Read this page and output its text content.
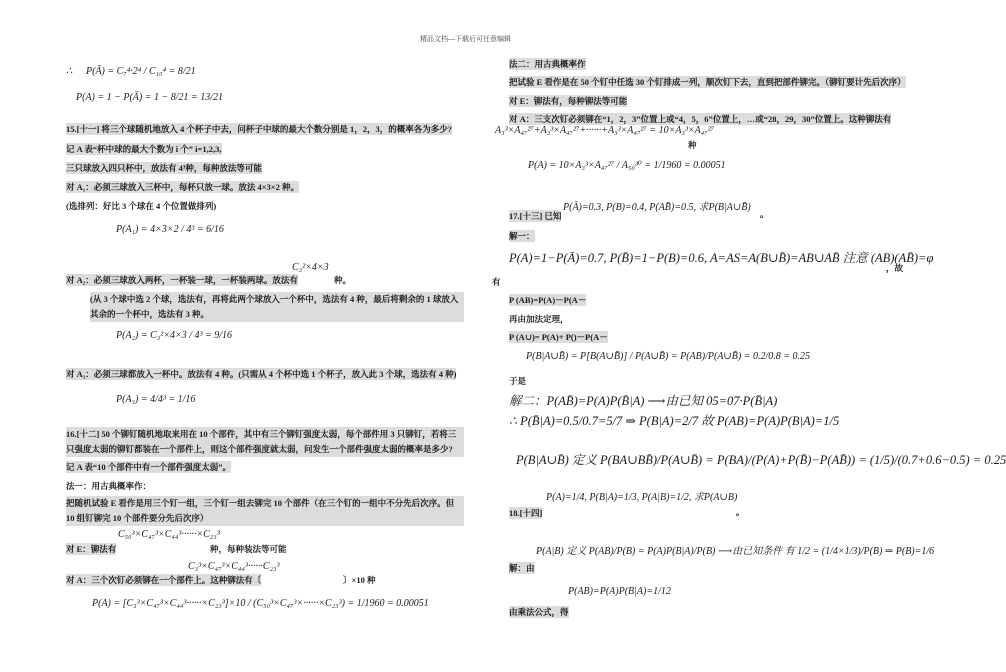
精品文档---下载后可任意编辑
∴ P(Ā) = C₇⁴·2⁴ / C₁₀⁴ = 8/21
P(A) = 1 − P(Ā) = 1 − 8/21 = 13/21
15.[十一] 将三个球随机地放入 4 个杯子中去，问杯子中球的最大个数分别是 1，2，3，的概率各为多少?
记 A 表“杯中球的最大个数为 i 个” i=1,2,3,
三只球放入四只杯中，放法有 4³种，每种放法等可能
对 A₁：必须三球放入三杯中，每杯只放一球。放法 4×3×2 种。
(选排列：好比 3 个球在 4 个位置做排列)
P(A₁) = 4×3×2 / 4³ = 6/16
C₃²×4×3
对 A₂：必须三球放入两杯，一杯装一球，一杯装两球。放法有	种。
(从 3 个球中选 2 个球，选法有，再将此两个球放入一个杯中，选法有 4 种，最后将剩余的 1 球放入其余的一个杯中，选法有 3 种。
P(A₂) = C₃²×4×3 / 4³ = 9/16
对 A₃：必须三球都放入一杯中。放法有 4 种。(只需从 4 个杯中选 1 个杯子，放入此 3 个球，选法有 4 种)
P(A₃) = 4/4³ = 1/16
16.[十二] 50 个铆钉随机地取来用在 10 个部件，其中有三个铆钉强度太弱，每个部件用 3 只铆钉，若将三只强度太弱的铆钉都装在一个部件上，则这个部件强度就太弱，问发生一个部件强度太弱的概率是多少?
记 A 表“10 个部件中有一个部件强度太弱”。
法一：用古典概率作：
把随机试验 E 看作是用三个钉一组，三个钉一组去铆完 10 个部件（在三个钉的一组中不分先后次序。但 10 组钉铆完 10 个部件要分先后次序）
C₅₀³×C₄₇³×C₄₄³······×C₂₃³
对 E：铆法有	种，每种装法等可能
C₃³×C₄₇³×C₄₄³······C₂₃³
对 A：三个次钉必须铆在一个部件上。这种铆法有〔	〕×10 种
P(A) = [C₃³×C₄₇³×C₄₄³······×C₂₃³]×10 / (C₅₀³×C₄₇³×······×C₂₃³) = 1/1960 = 0.00051
法二：用古典概率作
把试验 E 看作是在 50 个钉中任选 30 个钉排成一列，顺次钉下去，直到把部件铆完。（铆钉要计先后次序）
对 E：铆法有，每种铆法等可能
对 A：三支次钉必须铆在“1，2，3”位置上或“4，5，6”位置上，…或“28，29，30”位置上。这种铆法有
A₃³×A₄₇²⁷+A₃³×A₄₇²⁷+······+A₃³×A₄₇²⁷ = 10×A₃³×A₄₇²⁷
种
P(A) = 10×A₃³×A₄₇²⁷ / A₅₀³⁰ = 1/1960 = 0.00051
P(Ā)=0.3, P(B)=0.4, P(AB̄)=0.5, 求P(B|A∪B̄)
。
17.[十三] 已知
解一：
P(A)=1−P(Ā)=0.7, P(B̄)=1−P(B)=0.6, A=AS=A(B∪B̄)=AB∪AB̄ 注意 (AB)(AB̄)=φ
，故
有
P (AB)=P(A)－P(A－
再由加法定理，
P (A∪)= P(A)+ P()－P(A－
P(B|A∪B̄) = P[B(A∪B̄)] / P(A∪B̄) = P(AB)/P(A∪B̄) = 0.2/0.8 = 0.25
于是
解二：P(AB̄)=P(A)P(B̄|A) ⟶由已知 05=07·P(B̄|A)
∴ P(B̄|A)=0.5/0.7=5/7 ⇒ P(B|A)=2/7 故 P(AB)=P(A)P(B|A)=1/5
P(B|A∪B̄) 定义 P(BA∪BB̄)/P(A∪B̄) = P(BA)/(P(A)+P(B̄)−P(AB̄)) = (1/5)/(0.7+0.6−0.5) = 0.25
P(A)=1/4, P(B|A)=1/3, P(A|B)=1/2, 求P(A∪B)
。
18.[十四]
P(A|B) 定义 P(AB)/P(B) = P(A)P(B|A)/P(B) ⟶由已知条件 有 1/2 = (1/4×1/3)/P(B) ⇒ P(B)=1/6
解：由
P(AB)=P(A)P(B|A)=1/12
由乘法公式，得
